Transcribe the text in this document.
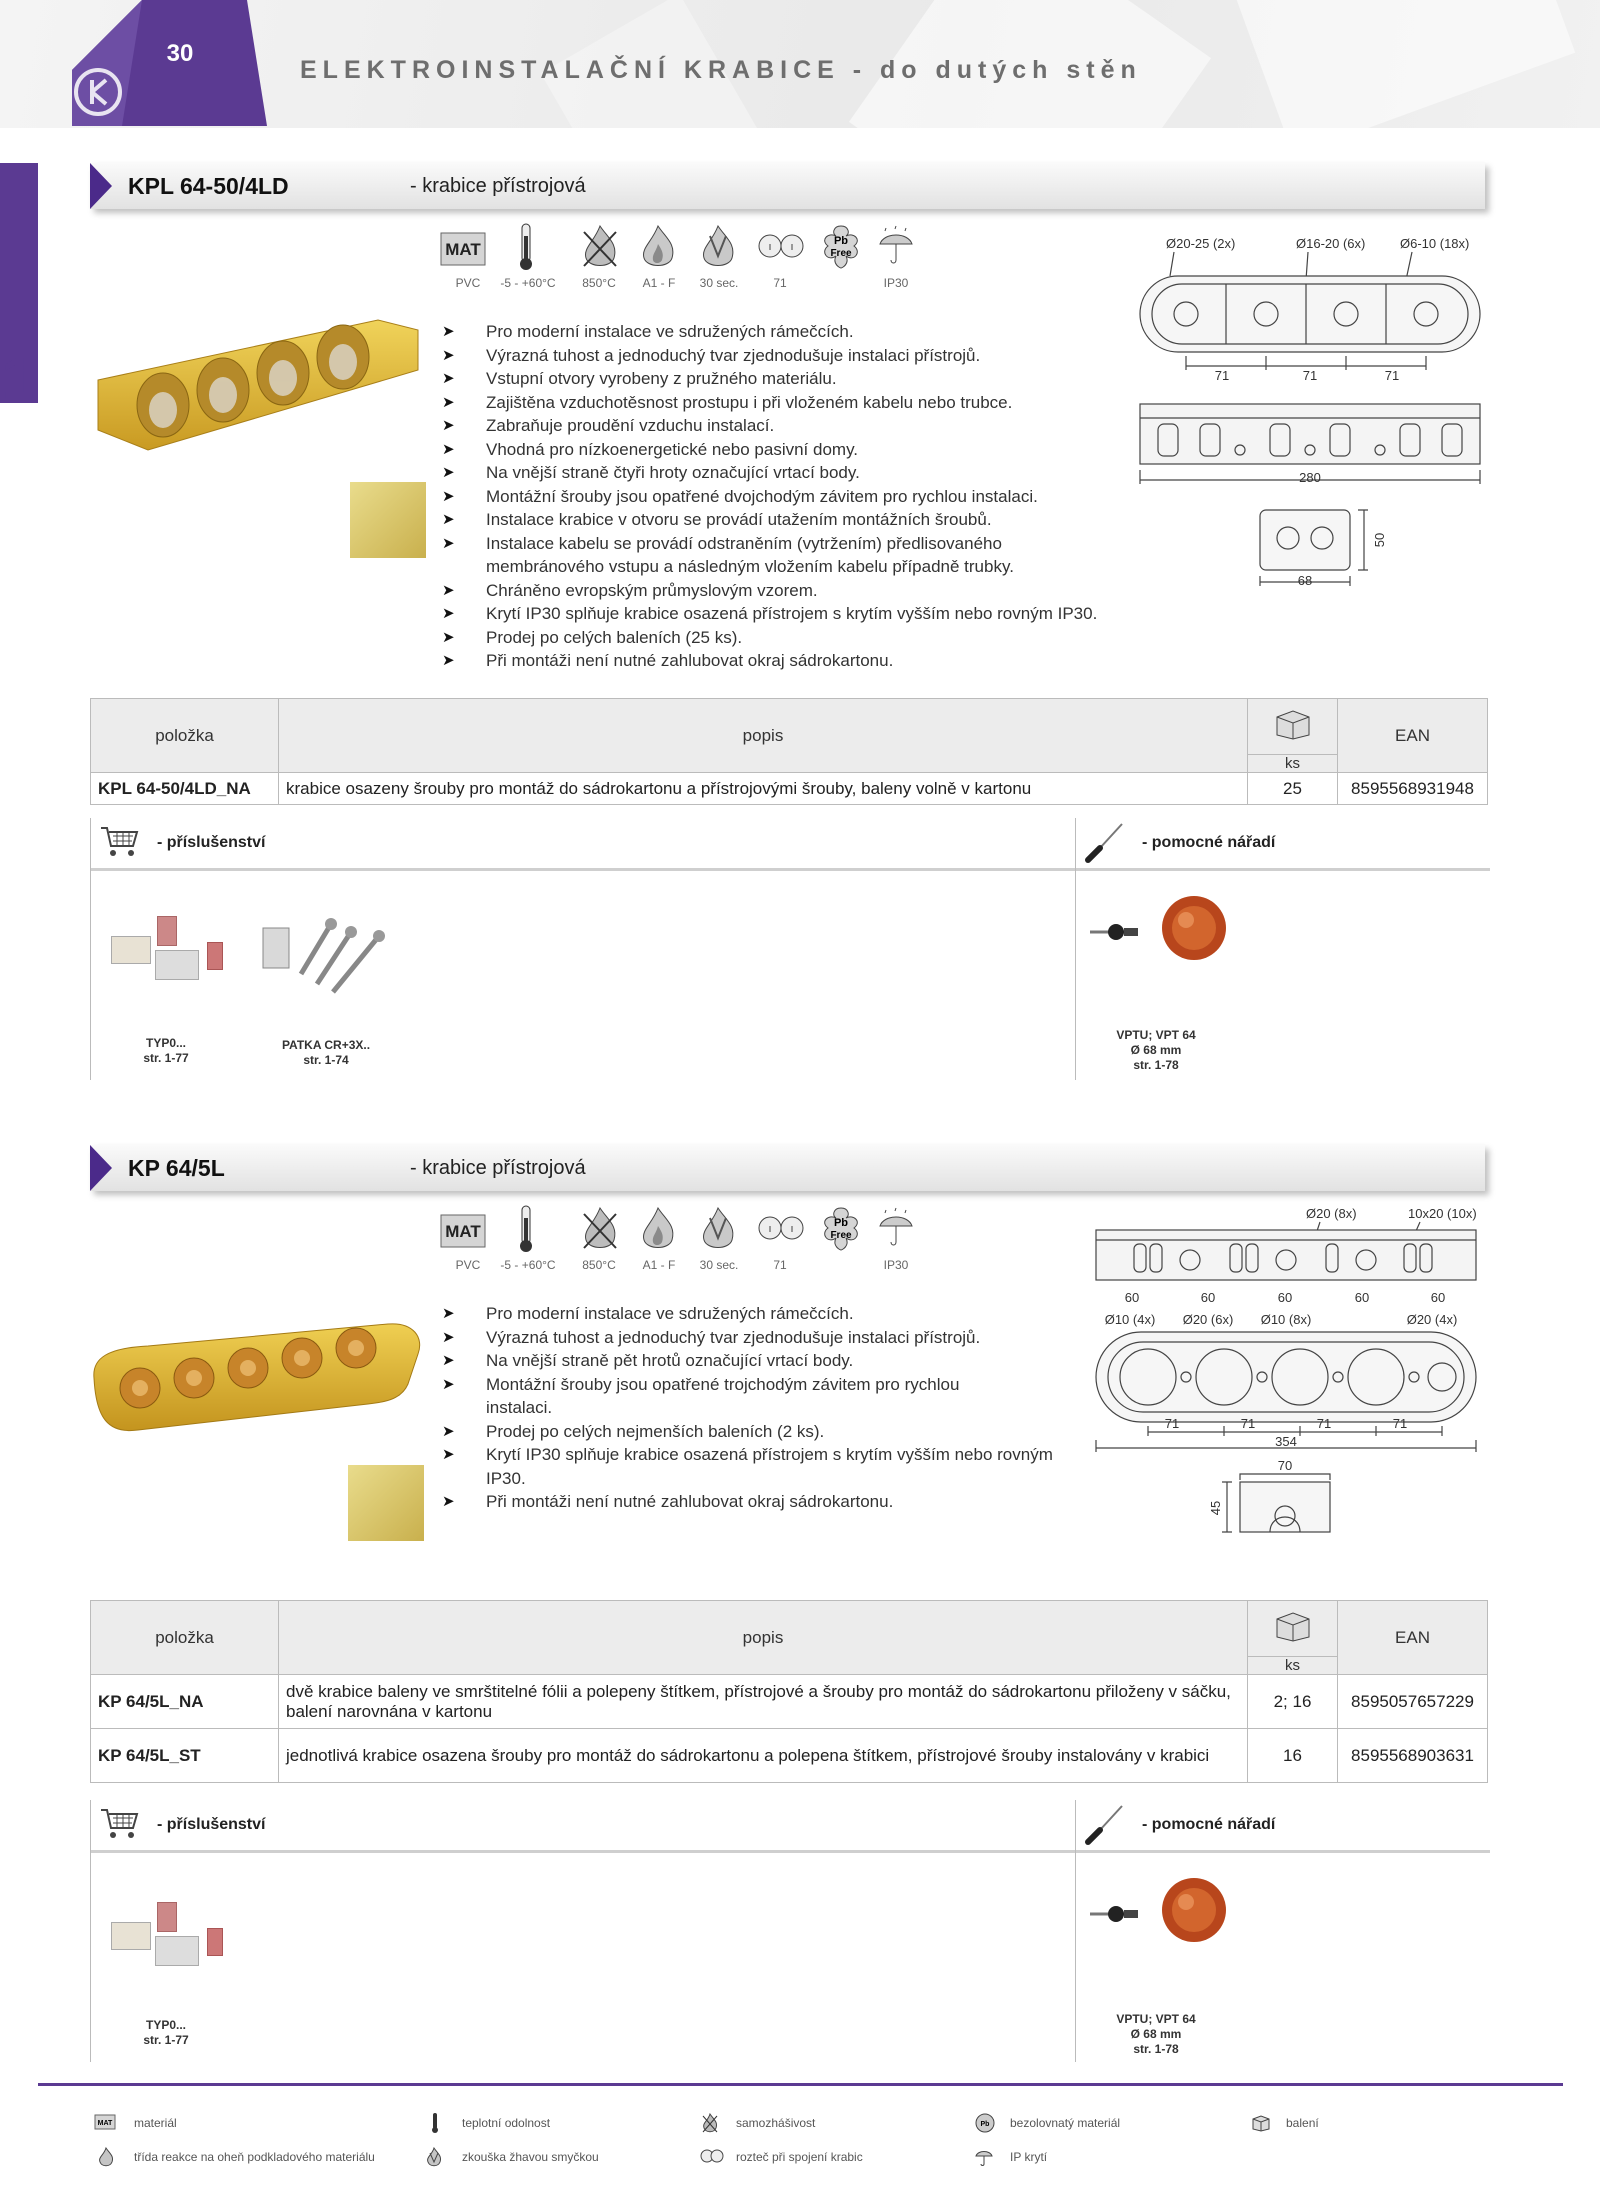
30
ELEKTROINSTALAČNÍ KRABICE - do dutých stěn
1
KPL 64-50/4LD	- krabice přístrojová
MAT	Pb
Free
PVC	-5 - +60°C	850°C	A1 - F	30 sec.	71	IP30
➤ Pro moderní instalace ve sdružených rámečcích.
➤ Výrazná tuhost a jednoduchý tvar zjednodušuje instalaci přístrojů.
➤ Vstupní otvory vyrobeny z pružného materiálu.
➤ Zajištěna vzduchotěsnost prostupu i při vloženém kabelu nebo trubce.
➤ Zabraňuje proudění vzduchu instalací.
➤ Vhodná pro nízkoenergetické nebo pasivní domy.
➤ Na vnější straně čtyři hroty označující vrtací body.
➤ Montážní šrouby jsou opatřené dvojchodým závitem pro rychlou instalaci.
➤ Instalace krabice v otvoru se provádí utažením montážních šroubů.
➤ Instalace kabelu se provádí odstraněním (vytržením) předlisovaného membránového vstupu a následným vložením kabelu případně trubky.
➤ Chráněno evropským průmyslovým vzorem.
➤ Krytí IP30 splňuje krabice osazená přístrojem s krytím vyšším nebo rovným IP30.
➤ Prodej po celých baleních (25 ks).
➤ Při montáži není nutné zahlubovat okraj sádrokartonu.
Ø20-25 (2x)	Ø16-20 (6x)	Ø6-10 (18x)
71	71	71
280
68
50
položka	popis		EAN
		ks	
KPL 64-50/4LD_NA	krabice osazeny šrouby pro montáž do sádrokartonu a přístrojovými šrouby, baleny volně v kartonu	25	8595568931948
- příslušenství
TYP0...
str. 1-77
PATKA CR+3X..
str. 1-74
- pomocné nářadí
VPTU; VPT 64
Ø 68 mm
str. 1-78
KP 64/5L	- krabice přístrojová
MAT	Pb
Free
PVC	-5 - +60°C	850°C	A1 - F	30 sec.	71	IP30
➤ Pro moderní instalace ve sdružených rámečcích.
➤ Výrazná tuhost a jednoduchý tvar zjednodušuje instalaci přístrojů.
➤ Na vnější straně pět hrotů označující vrtací body.
➤ Montážní šrouby jsou opatřené trojchodým závitem pro rychlou instalaci.
➤ Prodej po celých nejmenších baleních (2 ks).
➤ Krytí IP30 splňuje krabice osazená přístrojem s krytím vyšším nebo rovným IP30.
➤ Při montáži není nutné zahlubovat okraj sádrokartonu.
Ø20 (8x)	10x20 (10x)
60	60	60	60	60
Ø10 (4x) Ø20 (6x) Ø10 (8x)	Ø20 (4x)
71	71	71	71
354
70
45
položka	popis		EAN
		ks	
KP 64/5L_NA	dvě krabice baleny ve smrštitelné fólii a polepeny štítkem, přístrojové a šrouby pro montáž do sádrokartonu přiloženy v sáčku, balení narovnána v kartonu	2; 16	8595057657229
KP 64/5L_ST	jednotlivá krabice osazena šrouby pro montáž do sádrokartonu a polepena štítkem, přístrojové šrouby instalovány v krabici	16	8595568903631
- příslušenství
TYP0...
str. 1-77
- pomocné nářadí
VPTU; VPT 64
Ø 68 mm
str. 1-78
MAT materiál	teplotní odolnost	samozhášivost	Pb bezolovnatý materiál	balení
třída reakce na oheň podkladového materiálu	zkouška žhavou smyčkou	rozteč při spojení krabic	IP krytí
